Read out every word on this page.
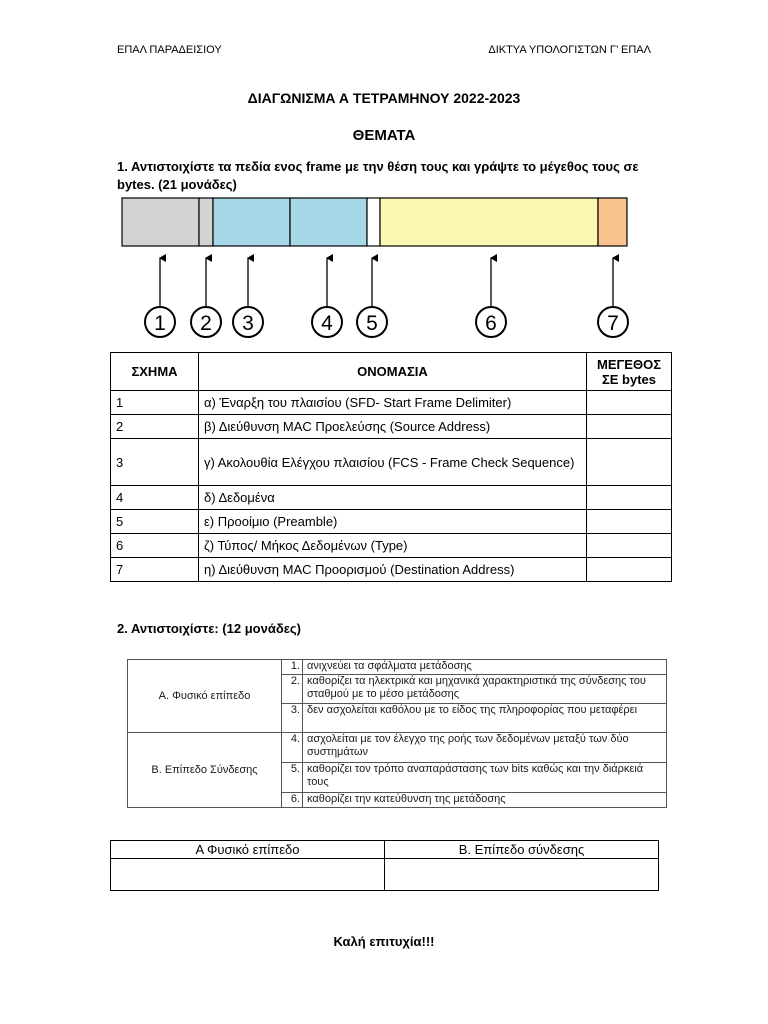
ΕΠΑΛ ΠΑΡΑΔΕΙΣΙΟΥ	ΔΙΚΤΥΑ ΥΠΟΛΟΓΙΣΤΩΝ Γ’ ΕΠΑΛ
ΔΙΑΓΩΝΙΣΜΑ Α ΤΕΤΡΑΜΗΝΟΥ 2022-2023
ΘΕΜΑΤΑ
1. Αντιστοιχίστε τα πεδία ενος frame με την θέση τους και γράψτε το μέγεθος τους σε bytes. (21 μονάδες)
1 2 3	4 5	6	7
ΣΧΗΜΑ	ΟΝΟΜΑΣΙΑ	ΜΕΓΕΘΟΣ ΣΕ bytes
1	α) Έναρξη του πλαισίου (SFD- Start Frame Delimiter)	
2	β) Διεύθυνση MAC Προελεύσης (Source Address)	
3	γ) Ακολουθία Ελέγχου πλαισίου (FCS - Frame Check Sequence)	
4	δ) Δεδομένα	
5	ε) Προοίμιο (Preamble)	
6	ζ) Τύπος/ Μήκος Δεδομένων (Type)	
7	η) Διεύθυνση MAC Προορισμού (Destination Address)	
2. Αντιστοιχίστε: (12 μονάδες)
Α. Φυσικό επίπεδο	1.	ανιχνεύει τα σφάλματα μετάδοσης
	2.	καθορίζει τα ηλεκτρικά και μηχανικά χαρακτηριστικά της σύνδεσης του σταθμού με το μέσο μετάδοσης
	3.	δεν ασχολείται καθόλου με το είδος της πληροφορίας που μεταφέρει
Β. Επίπεδο Σύνδεσης	4.	ασχολείται με τον έλεγχο της ροής των δεδομένων μεταξύ των δύο συστημάτων
	5.	καθορίζει τον τρόπο αναπαράστασης των bits καθώς και την διάρκειά τους
	6.	καθορίζει την κατεύθυνση της μετάδοσης
Α Φυσικό επίπεδο	Β. Επίπεδο σύνδεσης

Καλή επιτυχία!!!
